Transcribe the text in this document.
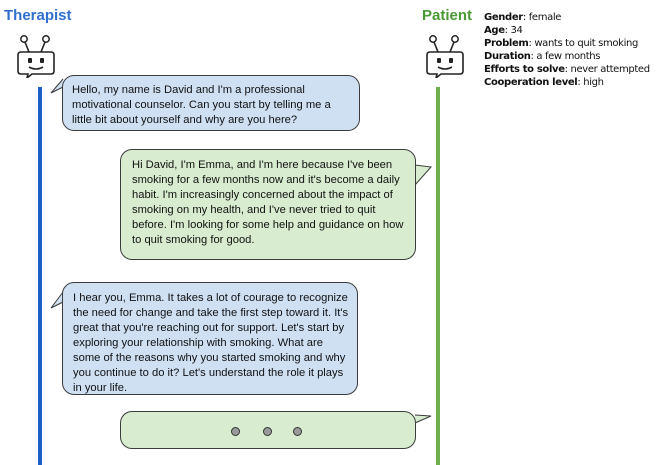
Therapist	Patient Gender: female
Age: 34
Problem: wants to quit smoking
Duration: a few months
Efforts to solve: never attempted
Cooperation level: high
Hello, my name is David and I'm a professional motivational counselor. Can you start by telling me a little bit about yourself and why are you here?
Hi David, I'm Emma, and I'm here because I've been smoking for a few months now and it's become a daily habit. I'm increasingly concerned about the impact of smoking on my health, and I've never tried to quit before. I'm looking for some help and guidance on how to quit smoking for good.
I hear you, Emma. It takes a lot of courage to recognize the need for change and take the first step toward it. It's great that you're reaching out for support. Let's start by exploring your relationship with smoking. What are some of the reasons why you started smoking and why you continue to do it? Let's understand the role it plays in your life.
